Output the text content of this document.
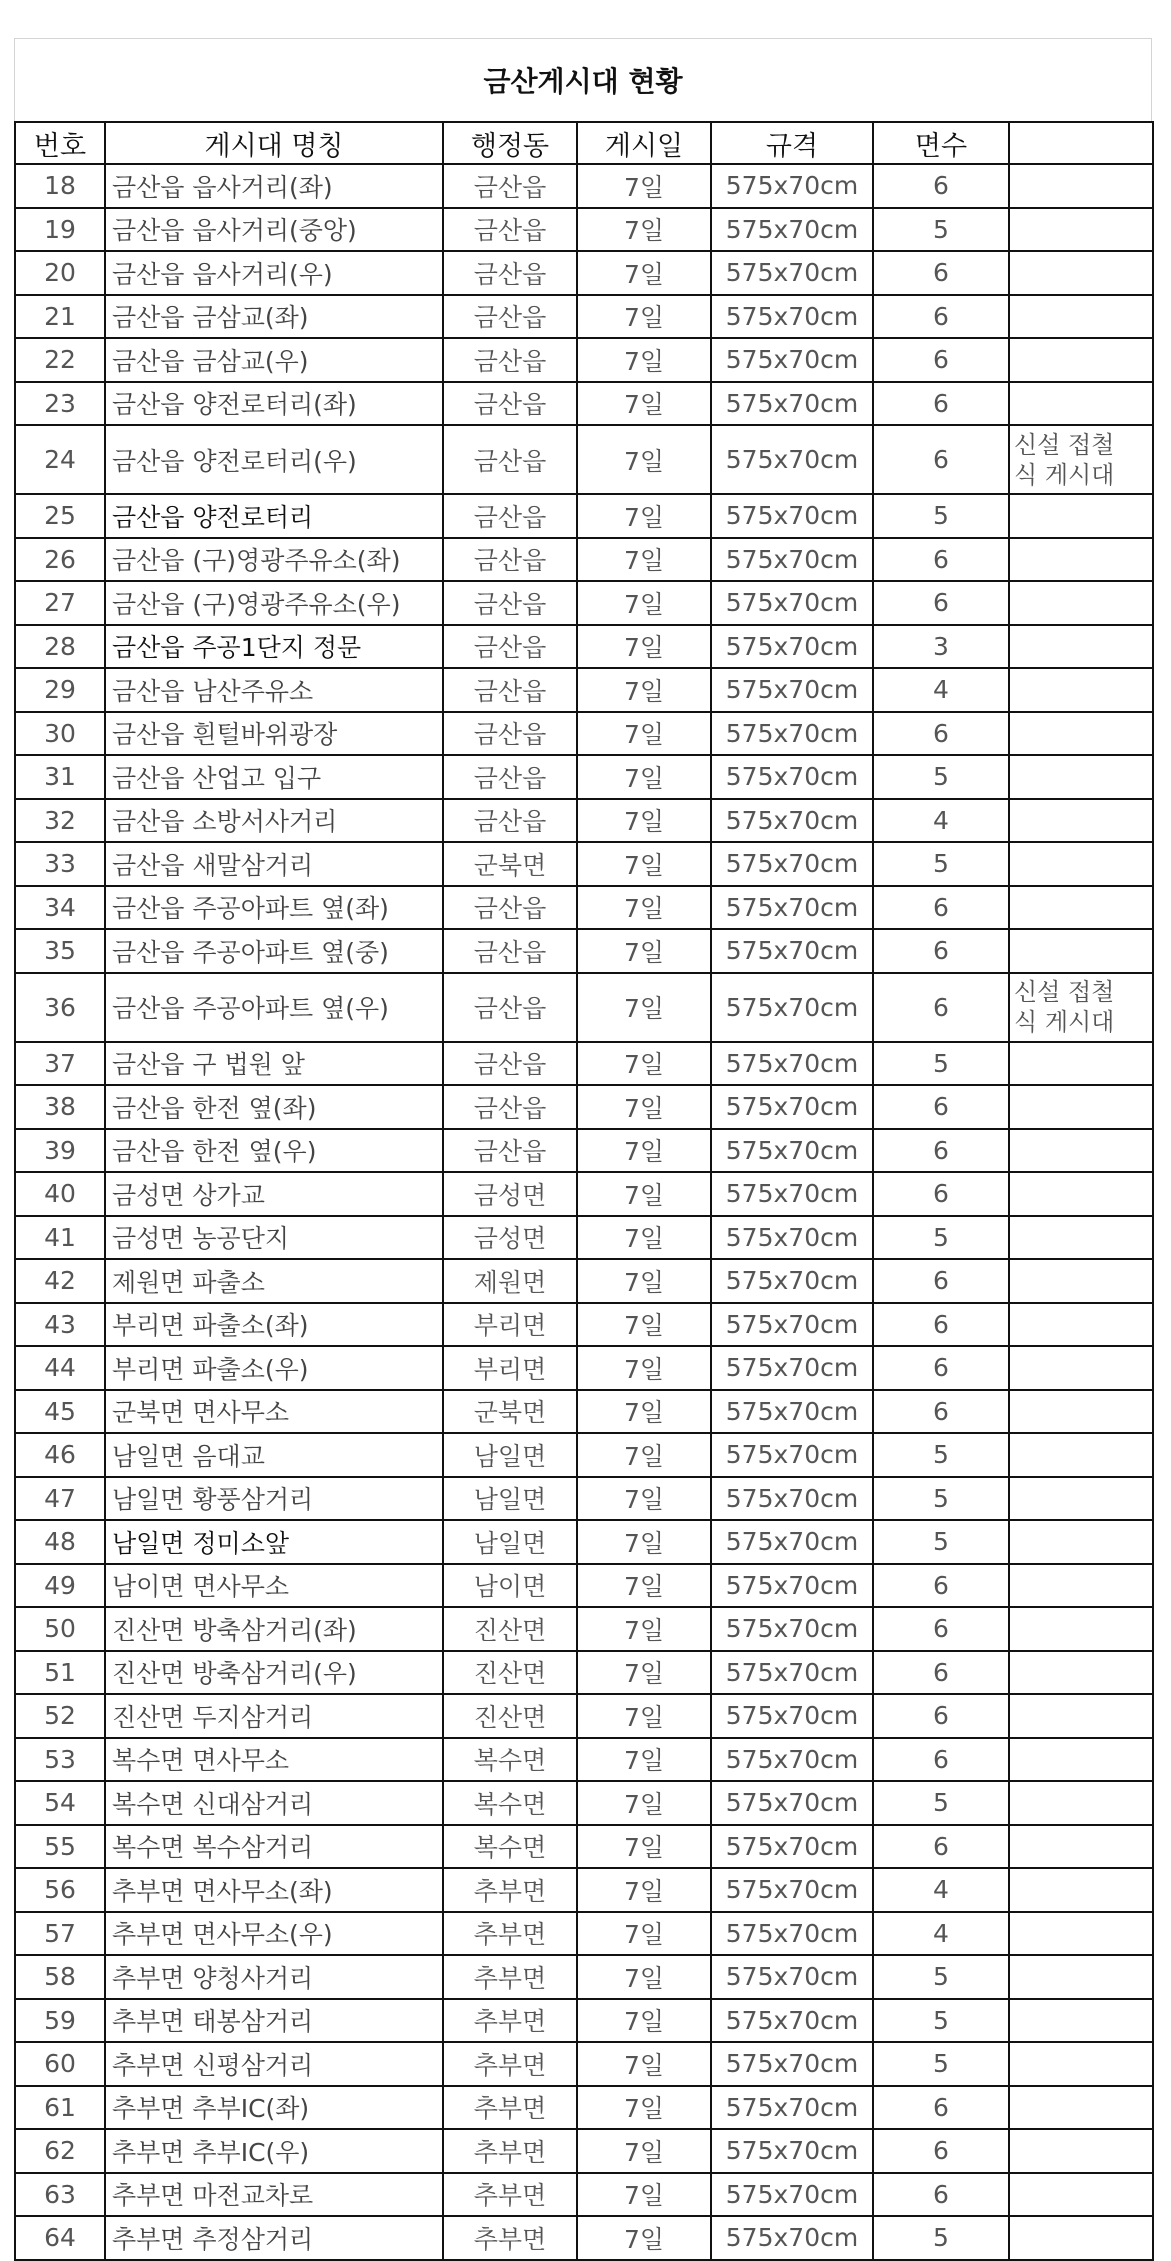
금산게시대 현황
번호	게시대 명칭	행정동	게시일	규격	면수	
18	금산읍 읍사거리(좌)	금산읍	7일	575x70cm	6	
19	금산읍 읍사거리(중앙)	금산읍	7일	575x70cm	5	
20	금산읍 읍사거리(우)	금산읍	7일	575x70cm	6	
21	금산읍 금삼교(좌)	금산읍	7일	575x70cm	6	
22	금산읍 금삼교(우)	금산읍	7일	575x70cm	6	
23	금산읍 양전로터리(좌)	금산읍	7일	575x70cm	6	
24	금산읍 양전로터리(우)	금산읍	7일	575x70cm	6	신설 접철
식 게시대

25	금산읍 양전로터리	금산읍	7일	575x70cm	5	
26	금산읍 (구)영광주유소(좌)	금산읍	7일	575x70cm	6	
27	금산읍 (구)영광주유소(우)	금산읍	7일	575x70cm	6	
28	금산읍 주공1단지 정문	금산읍	7일	575x70cm	3	
29	금산읍 남산주유소	금산읍	7일	575x70cm	4	
30	금산읍 흰털바위광장	금산읍	7일	575x70cm	6	
31	금산읍 산업고 입구	금산읍	7일	575x70cm	5	
32	금산읍 소방서사거리	금산읍	7일	575x70cm	4	
33	금산읍 새말삼거리	군북면	7일	575x70cm	5	
34	금산읍 주공아파트 옆(좌)	금산읍	7일	575x70cm	6	
35	금산읍 주공아파트 옆(중)	금산읍	7일	575x70cm	6	
36	금산읍 주공아파트 옆(우)	금산읍	7일	575x70cm	6	신설 접철
식 게시대

37	금산읍 구 법원 앞	금산읍	7일	575x70cm	5	
38	금산읍 한전 옆(좌)	금산읍	7일	575x70cm	6	
39	금산읍 한전 옆(우)	금산읍	7일	575x70cm	6	
40	금성면 상가교	금성면	7일	575x70cm	6	
41	금성면 농공단지	금성면	7일	575x70cm	5	
42	제원면 파출소	제원면	7일	575x70cm	6	
43	부리면 파출소(좌)	부리면	7일	575x70cm	6	
44	부리면 파출소(우)	부리면	7일	575x70cm	6	
45	군북면 면사무소	군북면	7일	575x70cm	6	
46	남일면 음대교	남일면	7일	575x70cm	5	
47	남일면 황풍삼거리	남일면	7일	575x70cm	5	
48	남일면 정미소앞	남일면	7일	575x70cm	5	
49	남이면 면사무소	남이면	7일	575x70cm	6	
50	진산면 방축삼거리(좌)	진산면	7일	575x70cm	6	
51	진산면 방축삼거리(우)	진산면	7일	575x70cm	6	
52	진산면 두지삼거리	진산면	7일	575x70cm	6	
53	복수면 면사무소	복수면	7일	575x70cm	6	
54	복수면 신대삼거리	복수면	7일	575x70cm	5	
55	복수면 복수삼거리	복수면	7일	575x70cm	6	
56	추부면 면사무소(좌)	추부면	7일	575x70cm	4	
57	추부면 면사무소(우)	추부면	7일	575x70cm	4	
58	추부면 양청사거리	추부면	7일	575x70cm	5	
59	추부면 태봉삼거리	추부면	7일	575x70cm	5	
60	추부면 신평삼거리	추부면	7일	575x70cm	5	
61	추부면 추부IC(좌)	추부면	7일	575x70cm	6	
62	추부면 추부IC(우)	추부면	7일	575x70cm	6	
63	추부면 마전교차로	추부면	7일	575x70cm	6	
64	추부면 추정삼거리	추부면	7일	575x70cm	5	
